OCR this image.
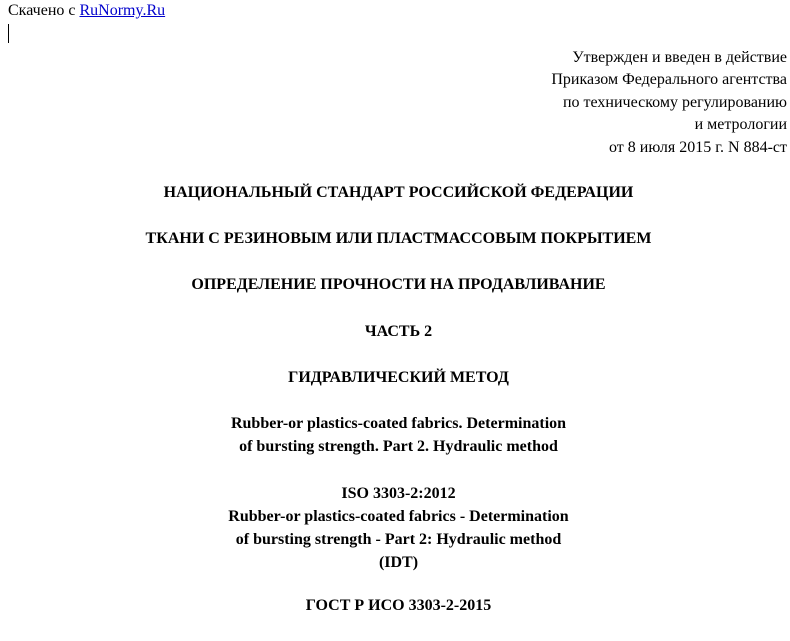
Скачено с RuNormy.Ru
Утвержден и введен в действие
Приказом Федерального агентства
по техническому регулированию
и метрологии
от 8 июля 2015 г. N 884-ст
НАЦИОНАЛЬНЫЙ СТАНДАРТ РОССИЙСКОЙ ФЕДЕРАЦИИ
ТКАНИ С РЕЗИНОВЫМ ИЛИ ПЛАСТМАССОВЫМ ПОКРЫТИЕМ
ОПРЕДЕЛЕНИЕ ПРОЧНОСТИ НА ПРОДАВЛИВАНИЕ
ЧАСТЬ 2
ГИДРАВЛИЧЕСКИЙ МЕТОД
Rubber-or plastics-coated fabrics. Determination
of bursting strength. Part 2. Hydraulic method
ISO 3303-2:2012
Rubber-or plastics-coated fabrics - Determination
of bursting strength - Part 2: Hydraulic method
(IDT)
ГОСТ Р ИСО 3303-2-2015
